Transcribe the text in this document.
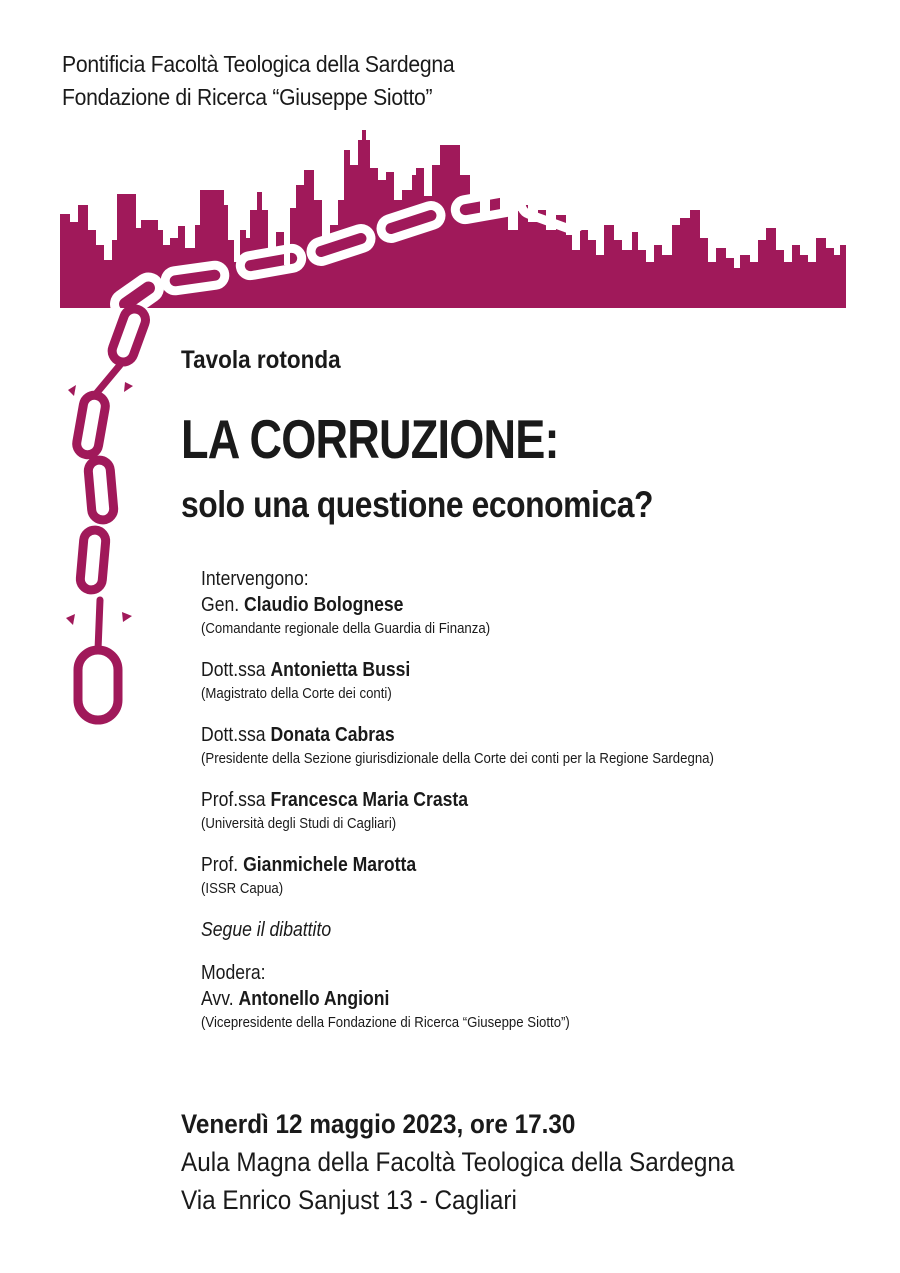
Pontificia Facoltà Teologica della Sardegna
Fondazione di Ricerca “Giuseppe Siotto”
Tavola rotonda
LA CORRUZIONE:
solo una questione economica?
Intervengono:
Gen. Claudio Bolognese
(Comandante regionale della Guardia di Finanza)
Dott.ssa Antonietta Bussi
(Magistrato della Corte dei conti)
Dott.ssa Donata Cabras
(Presidente della Sezione giurisdizionale della Corte dei conti per la Regione Sardegna)
Prof.ssa Francesca Maria Crasta
(Università degli Studi di Cagliari)
Prof. Gianmichele Marotta
(ISSR Capua)
Segue il dibattito
Modera:
Avv. Antonello Angioni
(Vicepresidente della Fondazione di Ricerca “Giuseppe Siotto”)
Venerdì 12 maggio 2023, ore 17.30
Aula Magna della Facoltà Teologica della Sardegna
Via Enrico Sanjust 13 - Cagliari
